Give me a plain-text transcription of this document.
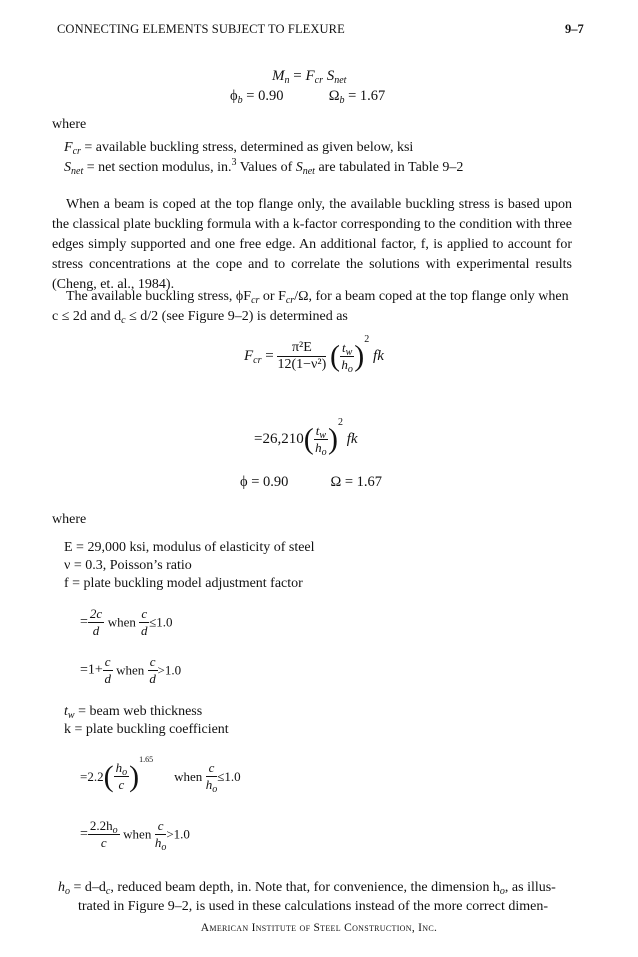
CONNECTING ELEMENTS SUBJECT TO FLEXURE	9–7
$M_n = F_{cr}$ $S_{net}$
$\phi_b = 0.90$	$\Omega_b = 1.67$
where
$F_{cr}$ = available buckling stress, determined as given below, ksi
$S_{net}$ = net section modulus, in.$^3$ Values of $S_{net}$ are tabulated in Table 9–2
When a beam is coped at the top flange only, the available buckling stress is based upon the classical plate buckling formula with a k-factor corresponding to the condition with three edges simply supported and one free edge. An additional factor, f, is applied to account for stress concentrations at the cope and to correlate the solutions with experimental results (Cheng, et. al., 1984).
The available buckling stress, $\phi F_{cr}$ or $F_{cr}/\Omega$, for a beam coped at the top flange only when
c ≤ 2d and $d_c \le d/2$ (see Figure 9–2) is determined as
$F_{cr} = \frac{\text{π²E}}{\text{12(1−ν²)}}$ ( $\frac{t_w}{h_o} )^2$ fk
$=26,210( \frac{t_w}{h_o} )^2$ fk
ϕ = 0.90	Ω = 1.67
where
E = 29,000 ksi, modulus of elasticity of steel
ν = 0.3, Poisson’s ratio
f = plate buckling model adjustment factor
= $\frac{2c}{d}$ when $\frac{c}{d} \le 1.0$
$=1+ \frac{c}{d}$ when $\frac{c}{d} >1.0$
$t_w$ = beam web thickness
k = plate buckling coefficient
$=2.2( \frac{h_o}{c} )^{1.65}$  when $\frac{c}{h_o} \le 1.0$
= $\frac{2.2h_o}{c}$ when $\frac{c}{h_o} >1.0$
$h_o = d-d_c$, reduced beam depth, in. Note that, for convenience, the dimension $h_o$, as illus-
trated in Figure 9–2, is used in these calculations instead of the more correct dimen-
American Institute of Steel Construction, Inc.
